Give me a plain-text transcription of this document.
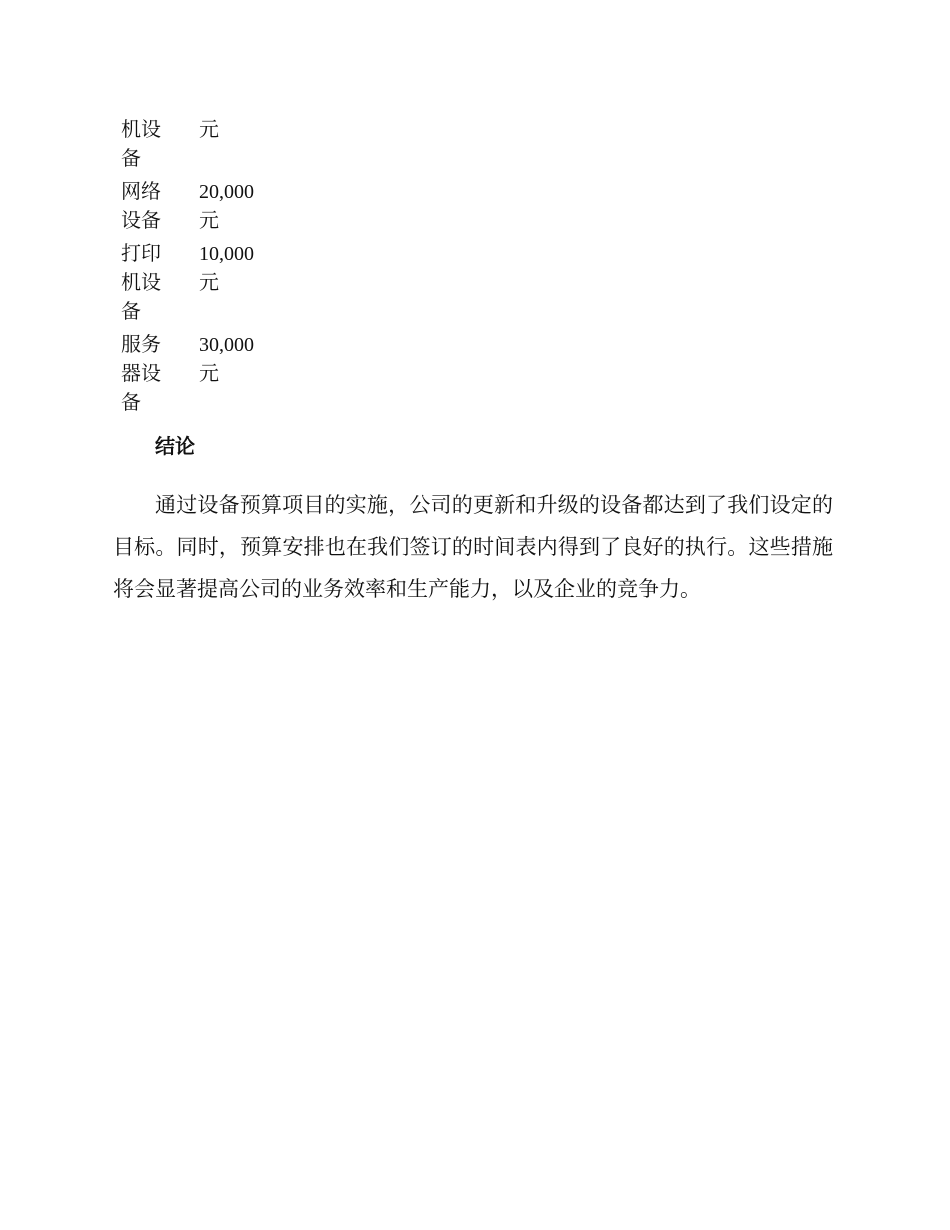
机设备	元

网络设备	20,000 元

打印机设备	10,000 元

服务器设备	30,000 元
结论

通过设备预算项目的实施，公司的更新和升级的设备都达到了我们设定的目标。同时，预算安排也在我们签订的时间表内得到了良好的执行。这些措施将会显著提高公司的业务效率和生产能力，以及企业的竞争力。
